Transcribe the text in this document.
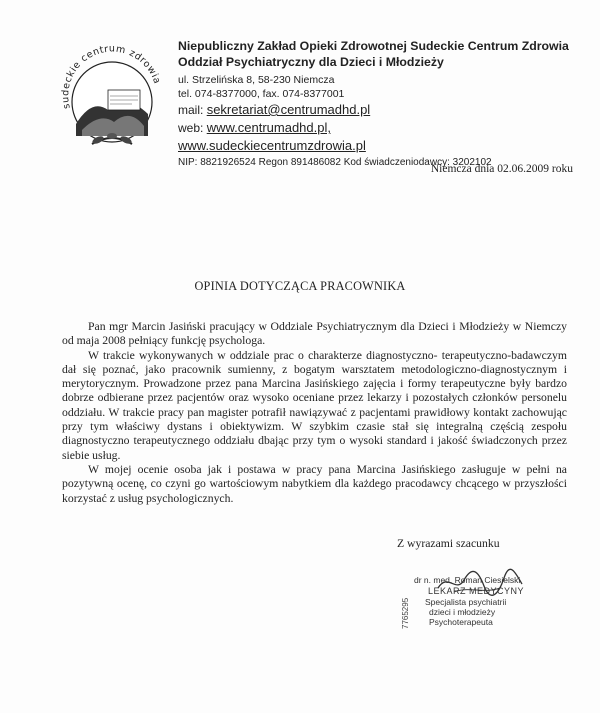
sudeckie centrum zdrowia
Niepubliczny Zakład Opieki Zdrowotnej Sudeckie Centrum Zdrowia
Oddział Psychiatryczny dla Dzieci i Młodzieży
ul. Strzelińska 8, 58-230 Niemcza
tel. 074-8377000, fax. 074-8377001
mail: sekretariat@centrumadhd.pl
web: www.centrumadhd.pl,
www.sudeckiecentrumzdrowia.pl
NIP: 8821926524 Regon 891486082 Kod świadczeniodawcy: 3202102
Niemcza dnia 02.06.2009 roku
OPINIA DOTYCZĄCA PRACOWNIKA

Pan mgr Marcin Jasiński pracujący w Oddziale Psychiatrycznym dla Dzieci i Młodzieży w Niemczy od maja 2008 pełniący funkcję psychologa.

W trakcie wykonywanych w oddziale prac o charakterze diagnostyczno- terapeutyczno-badawczym dał się poznać, jako pracownik sumienny, z bogatym warsztatem metodologiczno-diagnostycznym i merytorycznym. Prowadzone przez pana Marcina Jasińskiego zajęcia i formy terapeutyczne były bardzo dobrze odbierane przez pacjentów oraz wysoko oceniane przez lekarzy i pozostałych członków personelu oddziału. W trakcie pracy pan magister potrafił nawiązywać z pacjentami prawidłowy kontakt zachowując przy tym właściwy dystans i obiektywizm. W szybkim czasie stał się integralną częścią zespołu diagnostyczno terapeutycznego oddziału dbając przy tym o wysoki standard i jakość świadczonych przez siebie usług.

W mojej ocenie osoba jak i postawa w pracy pana Marcina Jasińskiego zasługuje w pełni na pozytywną ocenę, co czyni go wartościowym nabytkiem dla każdego pracodawcy chcącego w przyszłości korzystać z usług psychologicznych.

Z wyrazami szacunku
7765295
dr n. med. Roman Ciesielski
LEKARZ MEDYCYNY
Specjalista psychiatrii
dzieci i młodzieży
Psychoterapeuta
